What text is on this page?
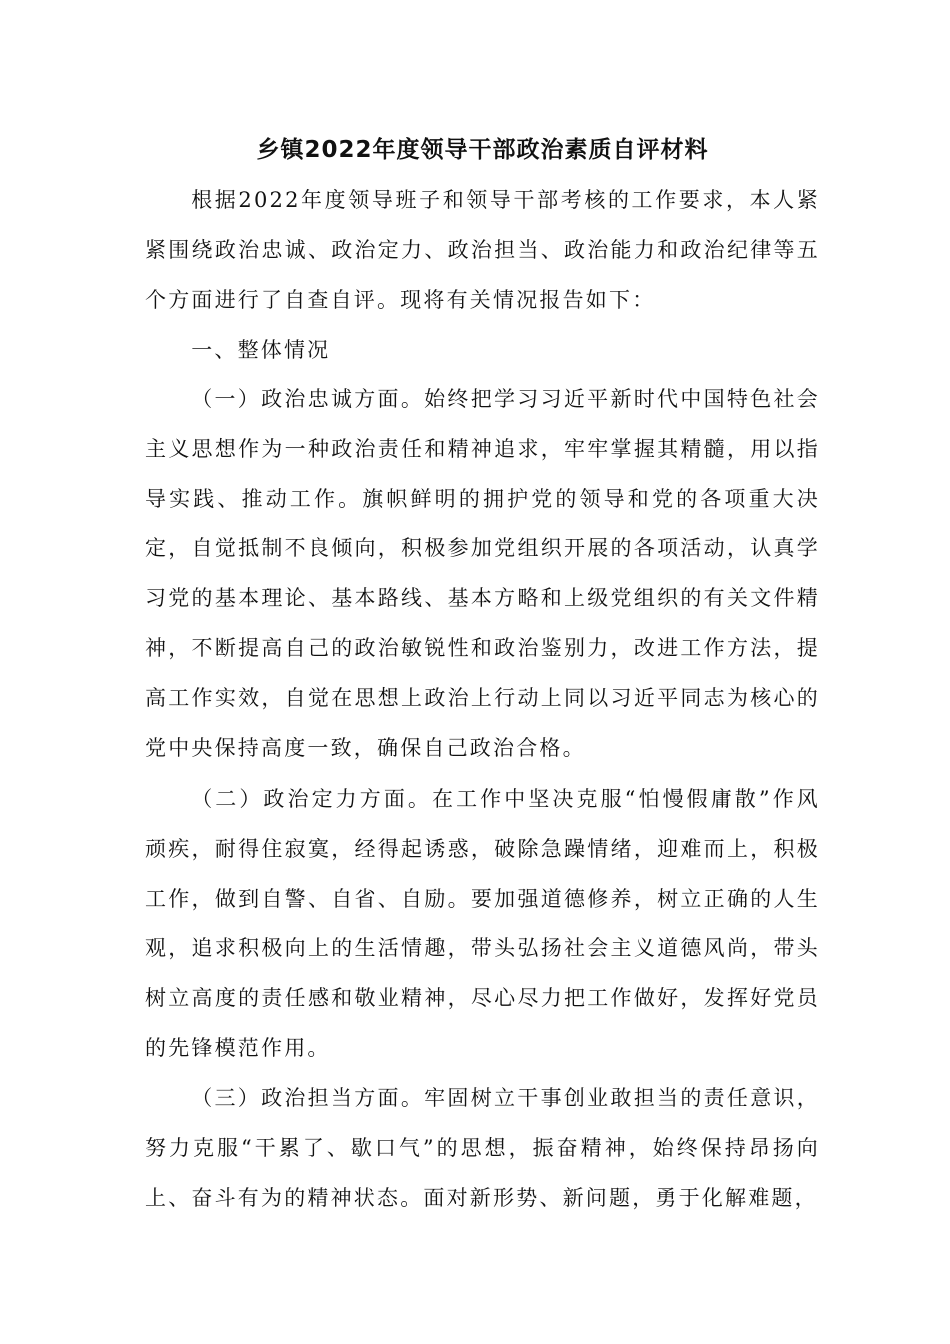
乡镇2022年度领导干部政治素质自评材料

根据2022年度领导班子和领导干部考核的工作要求，本人紧紧围绕政治忠诚、政治定力、政治担当、政治能力和政治纪律等五个方面进行了自查自评。现将有关情况报告如下：

一、整体情况

（一）政治忠诚方面。始终把学习习近平新时代中国特色社会主义思想作为一种政治责任和精神追求，牢牢掌握其精髓，用以指导实践、推动工作。旗帜鲜明的拥护党的领导和党的各项重大决定，自觉抵制不良倾向，积极参加党组织开展的各项活动，认真学习党的基本理论、基本路线、基本方略和上级党组织的有关文件精神，不断提高自己的政治敏锐性和政治鉴别力，改进工作方法，提高工作实效，自觉在思想上政治上行动上同以习近平同志为核心的党中央保持高度一致，确保自己政治合格。

（二）政治定力方面。在工作中坚决克服“怕慢假庸散”作风顽疾，耐得住寂寞，经得起诱惑，破除急躁情绪，迎难而上，积极工作，做到自警、自省、自励。要加强道德修养，树立正确的人生观，追求积极向上的生活情趣，带头弘扬社会主义道德风尚，带头树立高度的责任感和敬业精神，尽心尽力把工作做好，发挥好党员的先锋模范作用。

（三）政治担当方面。牢固树立干事创业敢担当的责任意识，努力克服“干累了、歇口气”的思想，振奋精神，始终保持昂扬向上、奋斗有为的精神状态。面对新形势、新问题，勇于化解难题，
